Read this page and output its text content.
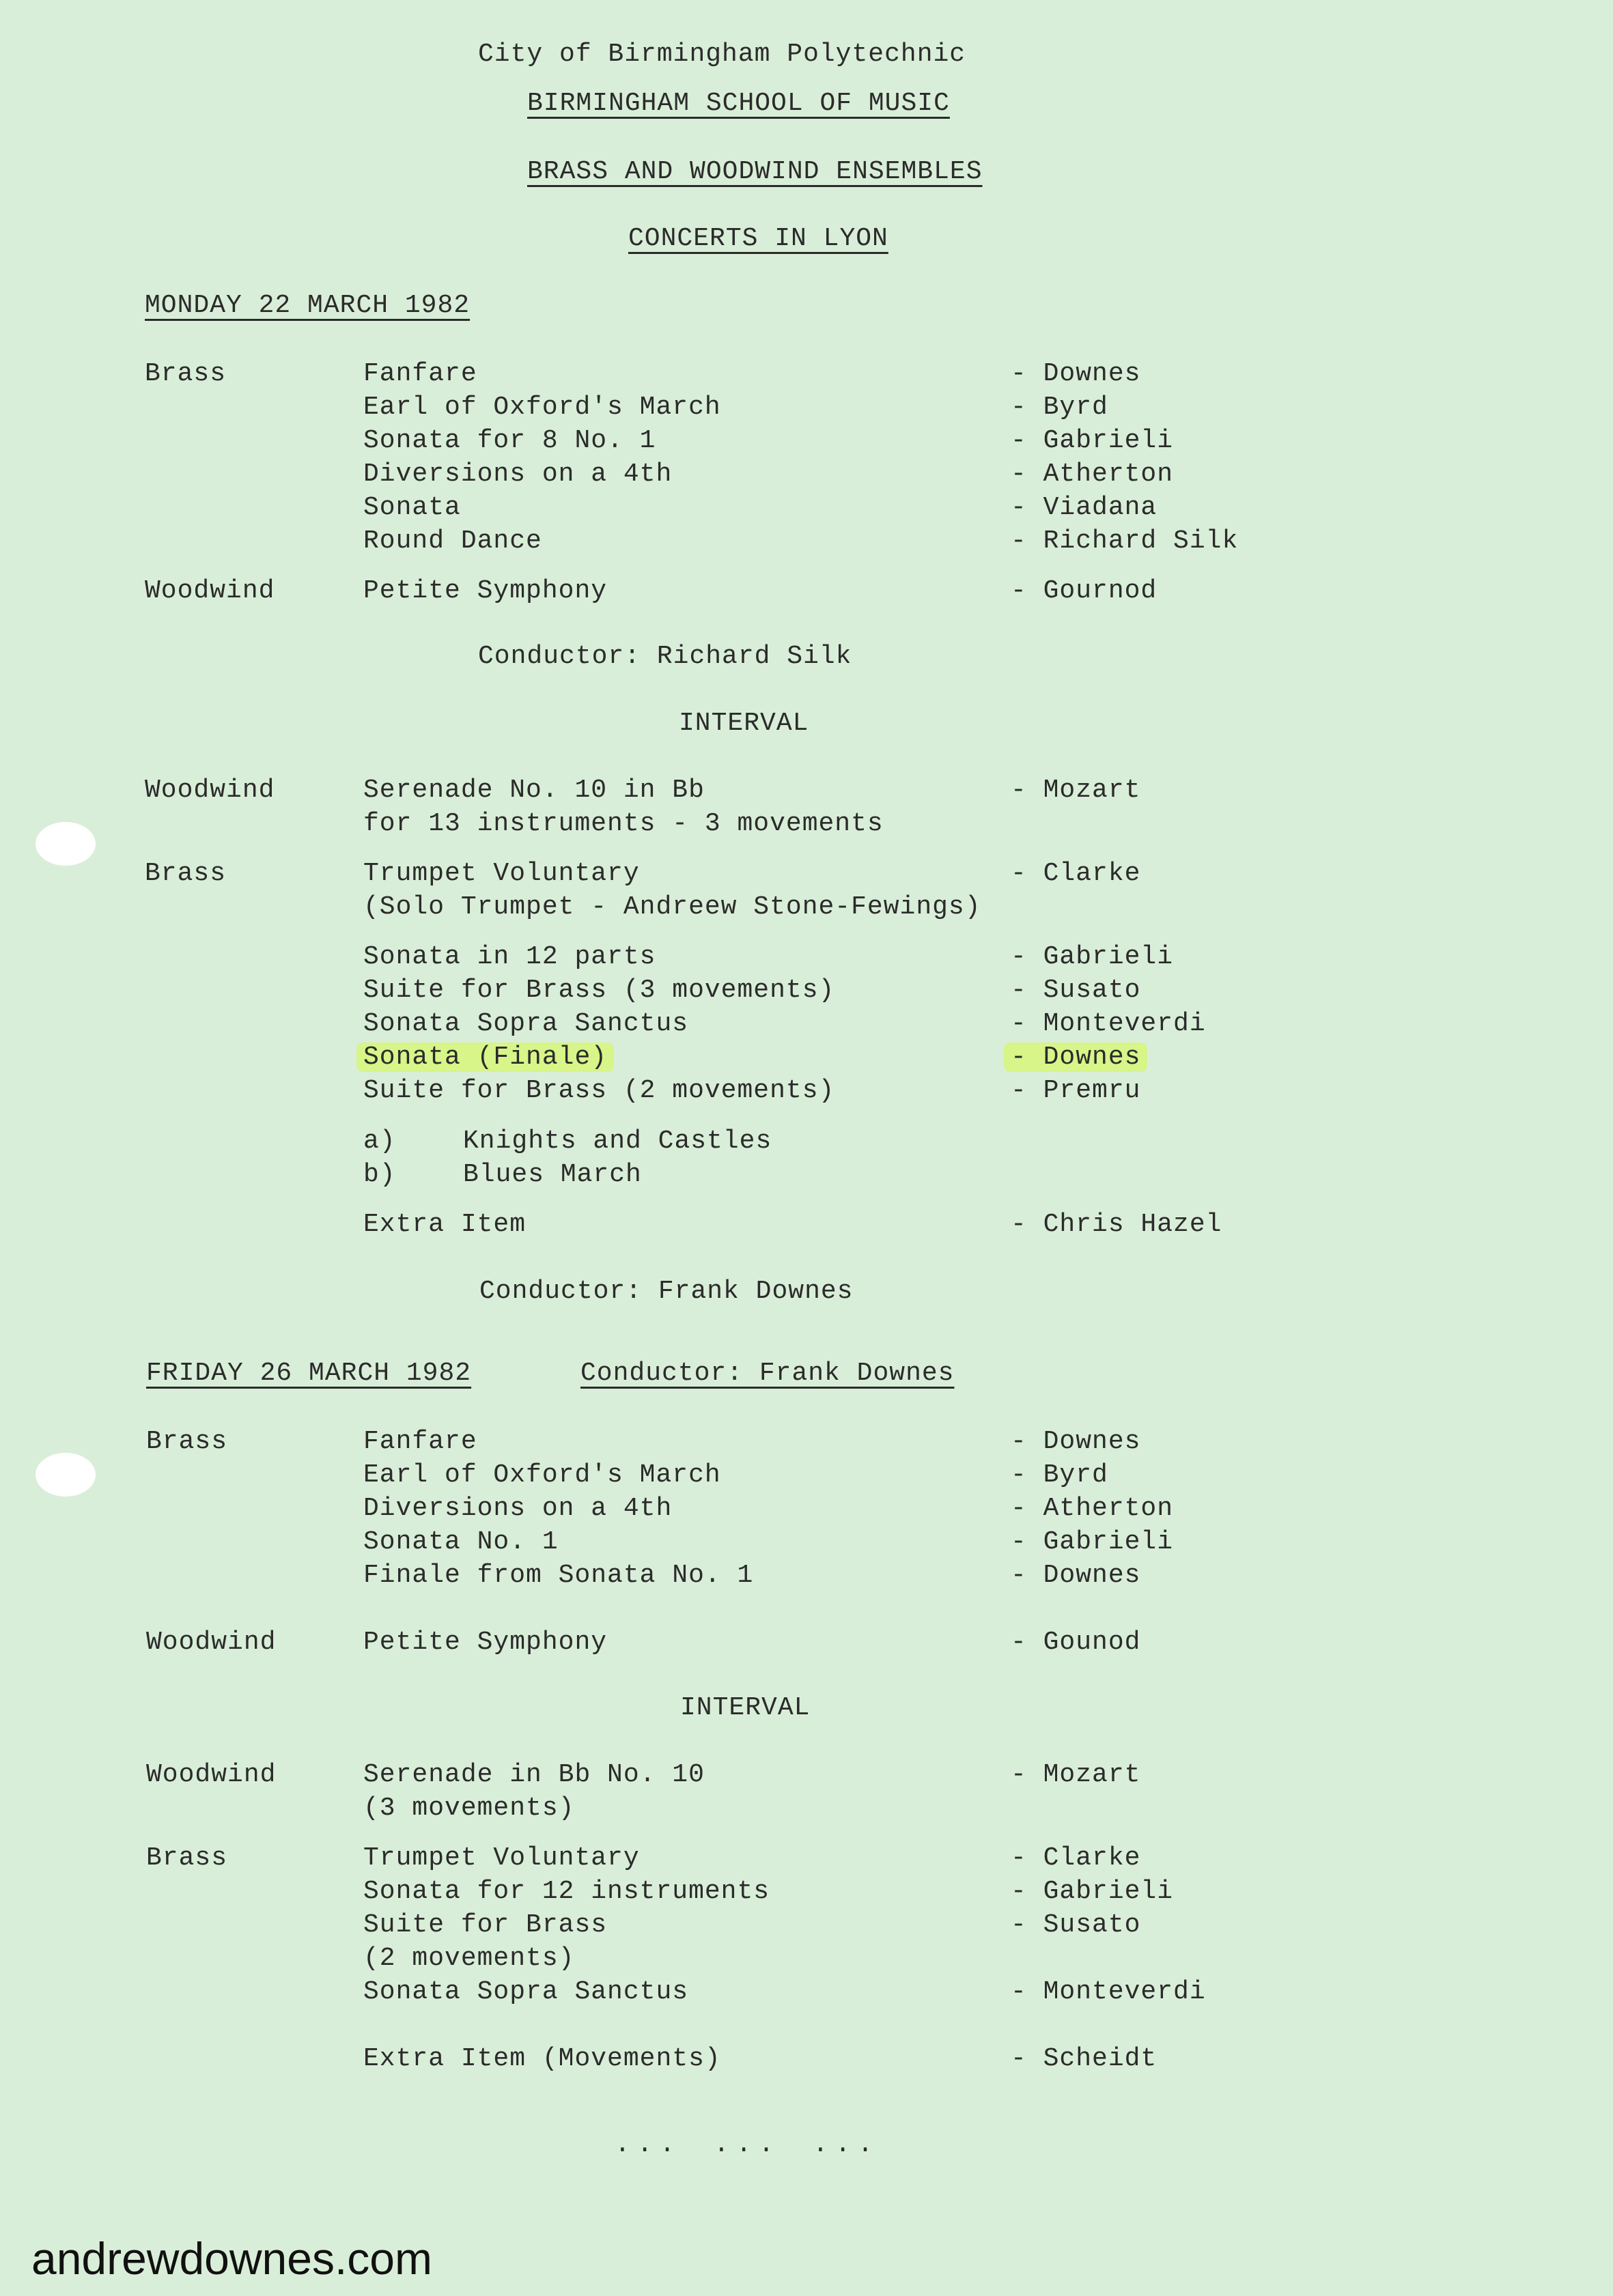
City of Birmingham Polytechnic
BIRMINGHAM SCHOOL OF MUSIC
BRASS AND WOODWIND ENSEMBLES
CONCERTS IN LYON
MONDAY 22 MARCH 1982
Brass	Fanfare	- Downes
Earl of Oxford's March	- Byrd
Sonata for 8 No. 1	- Gabrieli
Diversions on a 4th	- Atherton
Sonata	- Viadana
Round Dance	- Richard Silk
Woodwind	Petite Symphony	- Gournod
Conductor: Richard Silk
INTERVAL
Woodwind	Serenade No. 10 in Bb	- Mozart
for 13 instruments - 3 movements
Brass	Trumpet Voluntary	- Clarke
(Solo Trumpet - Andreew Stone-Fewings)
Sonata in 12 parts	- Gabrieli
Suite for Brass (3 movements)	- Susato
Sonata Sopra Sanctus	- Monteverdi
Sonata (Finale)	- Downes
Suite for Brass (2 movements)	- Premru
a)	Knights and Castles
b)	Blues March
Extra Item	- Chris Hazel
Conductor: Frank Downes
FRIDAY 26 MARCH 1982	Conductor: Frank Downes
Brass	Fanfare	- Downes
Earl of Oxford's March	- Byrd
Diversions on a 4th	- Atherton
Sonata No. 1	- Gabrieli
Finale from Sonata No. 1	- Downes
Woodwind	Petite Symphony	- Gounod
INTERVAL
Woodwind	Serenade in Bb No. 10	- Mozart
(3 movements)
Brass	Trumpet Voluntary	- Clarke
Sonata for 12 instruments	- Gabrieli
Suite for Brass	- Susato
(2 movements)
Sonata Sopra Sanctus	- Monteverdi
Extra Item (Movements)	- Scheidt
... ... ...
andrewdownes.com
